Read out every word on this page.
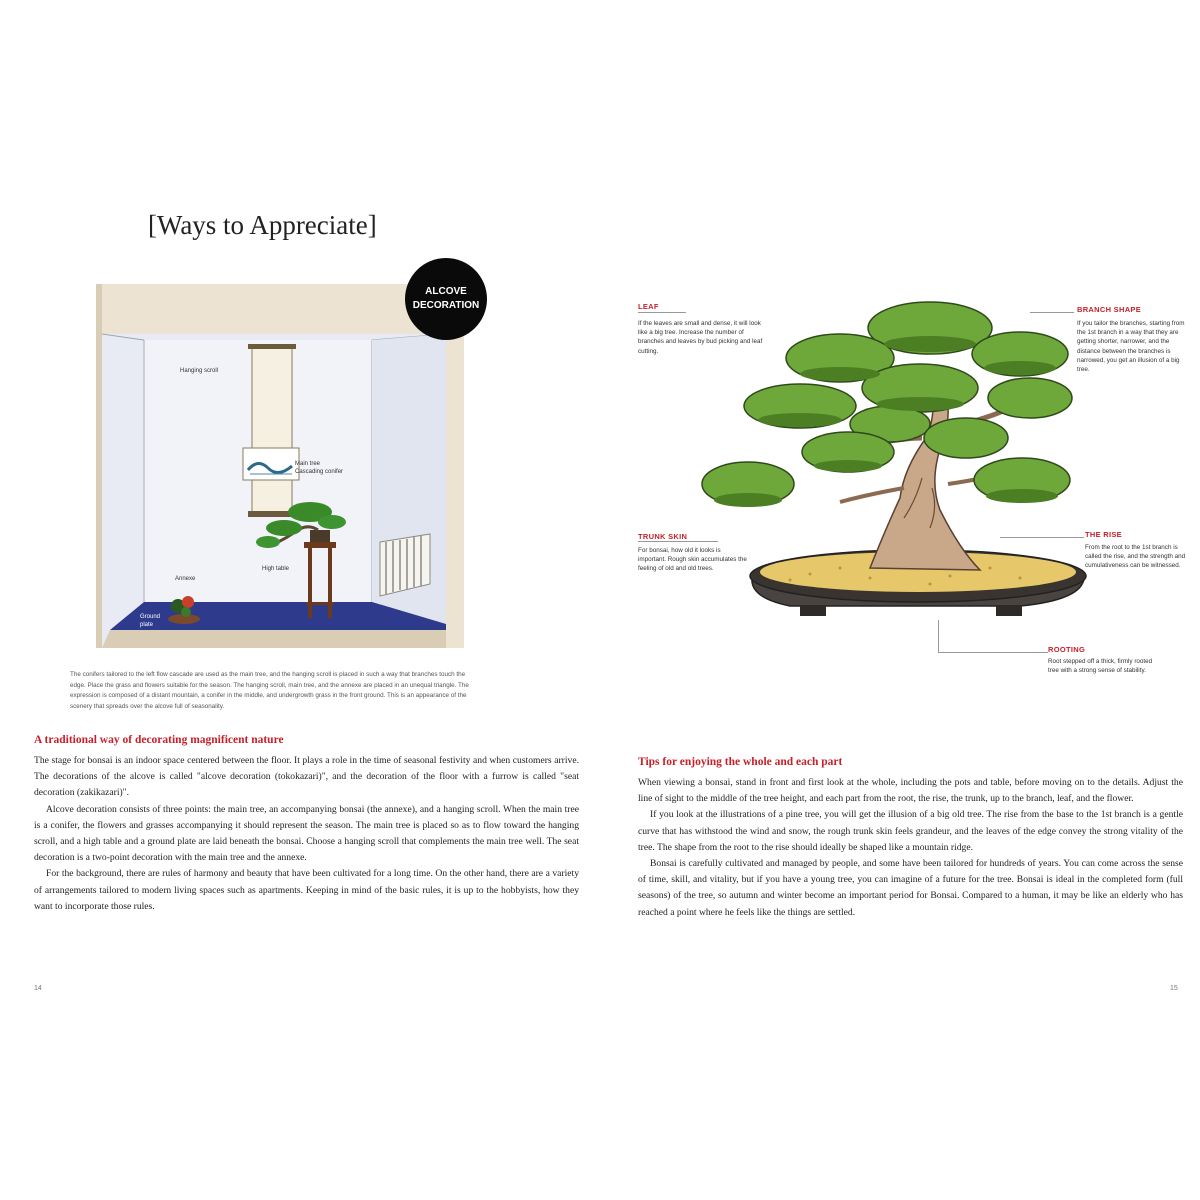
[Ways to Appreciate]
Hanging scroll
Main tree
Cascading conifer
High table
Annexe
Ground
plate
ALCOVE
DECORATION
The conifers tailored to the left flow cascade are used as the main tree, and the hanging scroll is placed in such a way that branches touch the edge. Place the grass and flowers suitable for the season. The hanging scroll, main tree, and the annexe are placed in an unequal triangle. The expression is composed of a distant mountain, a conifer in the middle, and undergrowth grass in the front ground. This is an appearance of the scenery that spreads over the alcove full of seasonality.
A traditional way of decorating magnificent nature

The stage for bonsai is an indoor space centered between the floor. It plays a role in the time of seasonal festivity and when customers arrive. The decorations of the alcove is called "alcove decoration (tokokazari)", and the decoration of the floor with a furrow is called "seat decoration (zakikazari)".

Alcove decoration consists of three points: the main tree, an accompanying bonsai (the annexe), and a hanging scroll. When the main tree is a conifer, the flowers and grasses accompanying it should represent the season. The main tree is placed so as to flow toward the hanging scroll, and a high table and a ground plate are laid beneath the bonsai. Choose a hanging scroll that complements the main tree well. The seat decoration is a two-point decoration with the main tree and the annexe.

For the background, there are rules of harmony and beauty that have been cultivated for a long time. On the other hand, there are a variety of arrangements tailored to modern living spaces such as apartments. Keeping in mind of the basic rules, it is up to the hobbyists, how they want to incorporate those rules.

14
LEAF
If the leaves are small and dense, it will look like a big tree. Increase the number of branches and leaves by bud picking and leaf cutting.
BRANCH SHAPE
If you tailor the branches, starting from the 1st branch in a way that they are getting shorter, narrower, and the distance between the branches is narrowed, you get an illusion of a big tree.
TRUNK SKIN
For bonsai, how old it looks is important. Rough skin accumulates the feeling of old and old trees.
THE RISE
From the root to the 1st branch is called the rise, and the strength and cumulativeness can be witnessed.
ROOTING
Root stepped off a thick, firmly rooted tree with a strong sense of stability.
Tips for enjoying the whole and each part

When viewing a bonsai, stand in front and first look at the whole, including the pots and table, before moving on to the details. Adjust the line of sight to the middle of the tree height, and each part from the root, the rise, the trunk, up to the branch, leaf, and the flower.

If you look at the illustrations of a pine tree, you will get the illusion of a big old tree. The rise from the base to the 1st branch is a gentle curve that has withstood the wind and snow, the rough trunk skin feels grandeur, and the leaves of the edge convey the strong vitality of the tree. The shape from the root to the rise should ideally be shaped like a mountain ridge.

Bonsai is carefully cultivated and managed by people, and some have been tailored for hundreds of years. You can come across the sense of time, skill, and vitality, but if you have a young tree, you can imagine of a future for the tree. Bonsai is ideal in the completed form (full seasons) of the tree, so autumn and winter become an important period for Bonsai. Compared to a human, it may be like an elderly who has reached a point where he feels like the things are settled.

15
